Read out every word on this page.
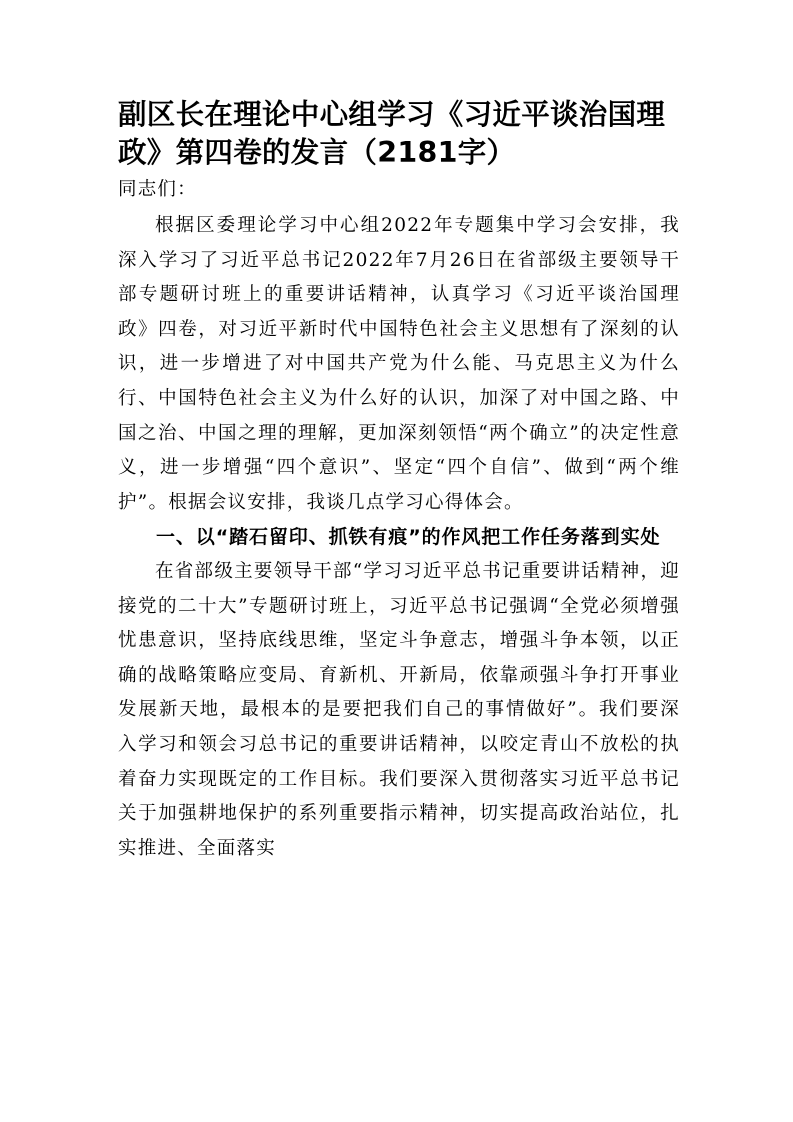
副区长在理论中心组学习《习近平谈治国理政》第四卷的发言（2181字）

同志们：

根据区委理论学习中心组2022年专题集中学习会安排，我深入学习了习近平总书记2022年7月26日在省部级主要领导干部专题研讨班上的重要讲话精神，认真学习《习近平谈治国理政》四卷，对习近平新时代中国特色社会主义思想有了深刻的认识，进一步增进了对中国共产党为什么能、马克思主义为什么行、中国特色社会主义为什么好的认识，加深了对中国之路、中国之治、中国之理的理解，更加深刻领悟“两个确立”的决定性意义，进一步增强“四个意识”、坚定“四个自信”、做到“两个维护”。根据会议安排，我谈几点学习心得体会。

一、以“踏石留印、抓铁有痕”的作风把工作任务落到实处

在省部级主要领导干部“学习习近平总书记重要讲话精神，迎接党的二十大”专题研讨班上，习近平总书记强调“全党必须增强忧患意识，坚持底线思维，坚定斗争意志，增强斗争本领，以正确的战略策略应变局、育新机、开新局，依靠顽强斗争打开事业发展新天地，最根本的是要把我们自己的事情做好”。我们要深入学习和领会习总书记的重要讲话精神，以咬定青山不放松的执着奋力实现既定的工作目标。我们要深入贯彻落实习近平总书记关于加强耕地保护的系列重要指示精神，切实提高政治站位，扎实推进、全面落实
